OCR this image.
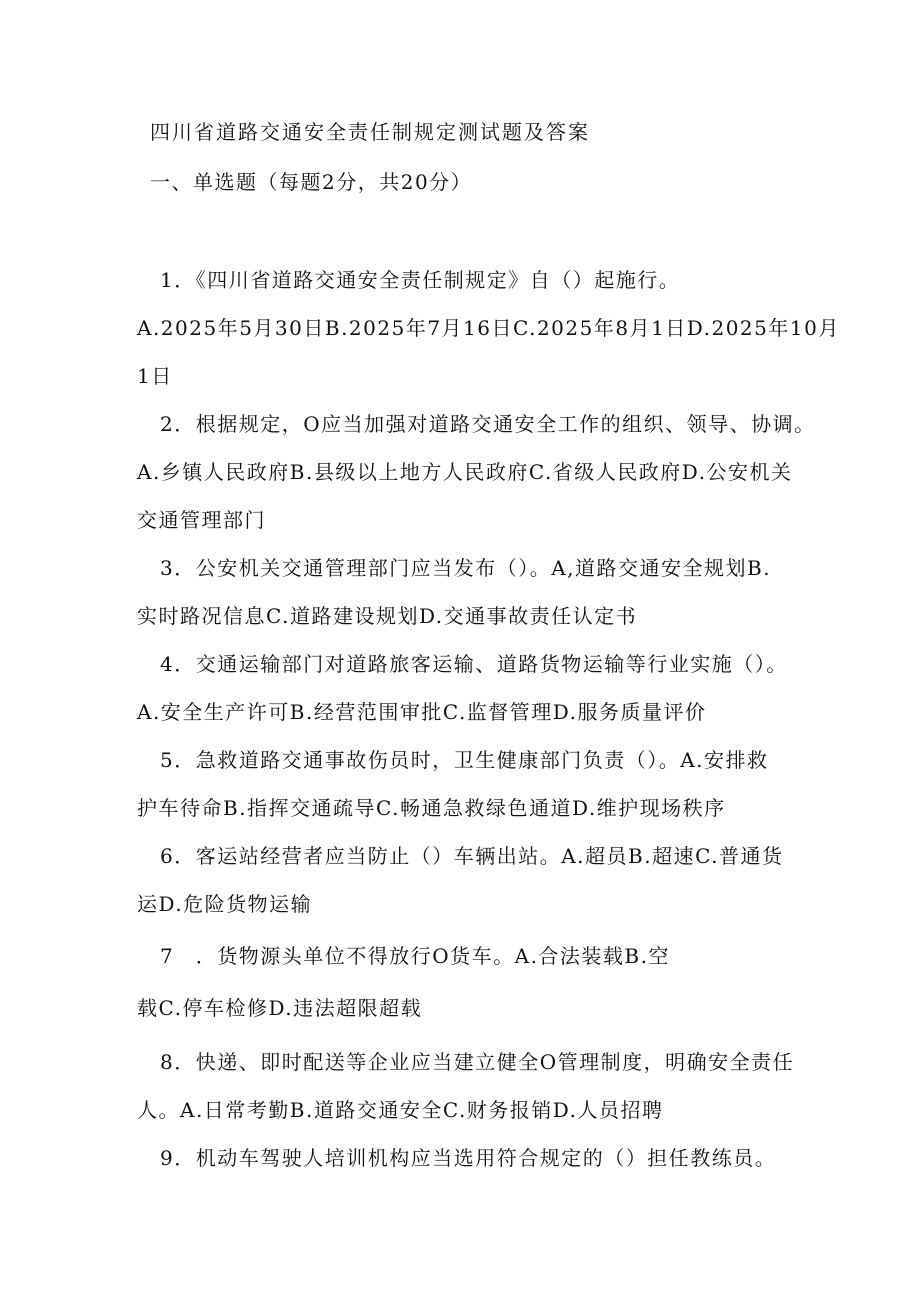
四川省道路交通安全责任制规定测试题及答案
一、单选题（每题2分，共20分）
1．《四川省道路交通安全责任制规定》自（）起施行。
A.2025年5月30日B.2025年7月16日C.2025年8月1日D.2025年10月
1日
2．根据规定，O应当加强对道路交通安全工作的组织、领导、协调。
A.乡镇人民政府B.县级以上地方人民政府C.省级人民政府D.公安机关
交通管理部门
3．公安机关交通管理部门应当发布（）。A,道路交通安全规划B.
实时路况信息C.道路建设规划D.交通事故责任认定书
4．交通运输部门对道路旅客运输、道路货物运输等行业实施（）。
A.安全生产许可B.经营范围审批C.监督管理D.服务质量评价
5．急救道路交通事故伤员时，卫生健康部门负责（）。A.安排救
护车待命B.指挥交通疏导C.畅通急救绿色通道D.维护现场秩序
6．客运站经营者应当防止（）车辆出站。A.超员B.超速C.普通货
运D.危险货物运输
7　．货物源头单位不得放行O货车。A.合法装载B.空
载C.停车检修D.违法超限超载
8．快递、即时配送等企业应当建立健全O管理制度，明确安全责任
人。A.日常考勤B.道路交通安全C.财务报销D.人员招聘
9．机动车驾驶人培训机构应当选用符合规定的（）担任教练员。
